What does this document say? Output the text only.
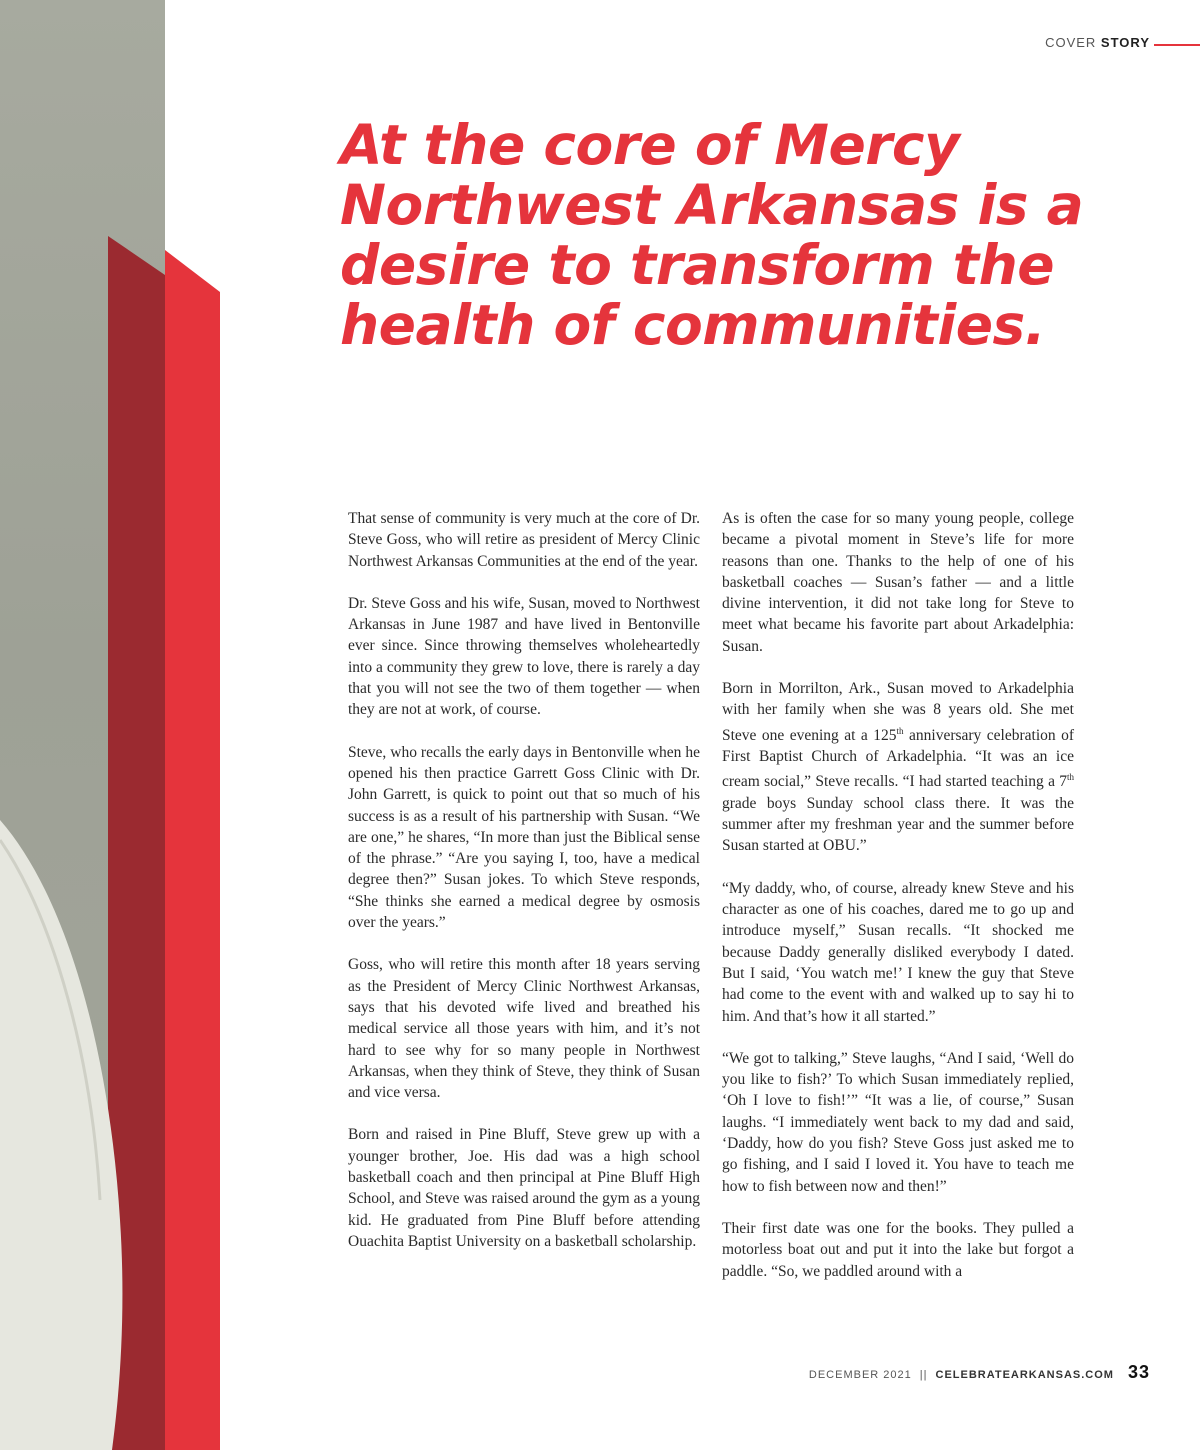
COVER STORY
At the core of Mercy Northwest Arkansas is a desire to transform the health of communities.

That sense of community is very much at the core of Dr. Steve Goss, who will retire as president of Mercy Clinic Northwest Arkansas Communities at the end of the year.

Dr. Steve Goss and his wife, Susan, moved to Northwest Arkansas in June 1987 and have lived in Bentonville ever since. Since throwing themselves wholeheartedly into a community they grew to love, there is rarely a day that you will not see the two of them together — when they are not at work, of course.

Steve, who recalls the early days in Bentonville when he opened his then practice Garrett Goss Clinic with Dr. John Garrett, is quick to point out that so much of his success is as a result of his partnership with Susan. “We are one,” he shares, “In more than just the Biblical sense of the phrase.” “Are you saying I, too, have a medical degree then?” Susan jokes. To which Steve responds, “She thinks she earned a medical degree by osmosis over the years.”

Goss, who will retire this month after 18 years serving as the President of Mercy Clinic Northwest Arkansas, says that his devoted wife lived and breathed his medical service all those years with him, and it’s not hard to see why for so many people in Northwest Arkansas, when they think of Steve, they think of Susan and vice versa.

Born and raised in Pine Bluff, Steve grew up with a younger brother, Joe. His dad was a high school basketball coach and then principal at Pine Bluff High School, and Steve was raised around the gym as a young kid. He graduated from Pine Bluff before attending Ouachita Baptist University on a basketball scholarship.

As is often the case for so many young people, college became a pivotal moment in Steve’s life for more reasons than one. Thanks to the help of one of his basketball coaches — Susan’s father — and a little divine intervention, it did not take long for Steve to meet what became his favorite part about Arkadelphia: Susan.

Born in Morrilton, Ark., Susan moved to Arkadelphia with her family when she was 8 years old. She met Steve one evening at a 125th anniversary celebration of First Baptist Church of Arkadelphia. “It was an ice cream social,” Steve recalls. “I had started teaching a 7th grade boys Sunday school class there. It was the summer after my freshman year and the summer before Susan started at OBU.”

“My daddy, who, of course, already knew Steve and his character as one of his coaches, dared me to go up and introduce myself,” Susan recalls. “It shocked me because Daddy generally disliked everybody I dated. But I said, ‘You watch me!’ I knew the guy that Steve had come to the event with and walked up to say hi to him. And that’s how it all started.”

“We got to talking,” Steve laughs, “And I said, ‘Well do you like to fish?’ To which Susan immediately replied, ‘Oh I love to fish!’” “It was a lie, of course,” Susan laughs. “I immediately went back to my dad and said, ‘Daddy, how do you fish? Steve Goss just asked me to go fishing, and I said I loved it. You have to teach me how to fish between now and then!”

Their first date was one for the books. They pulled a motorless boat out and put it into the lake but forgot a paddle. “So, we paddled around with a

DECEMBER 2021 || CELEBRATEARKANSAS.COM 33
